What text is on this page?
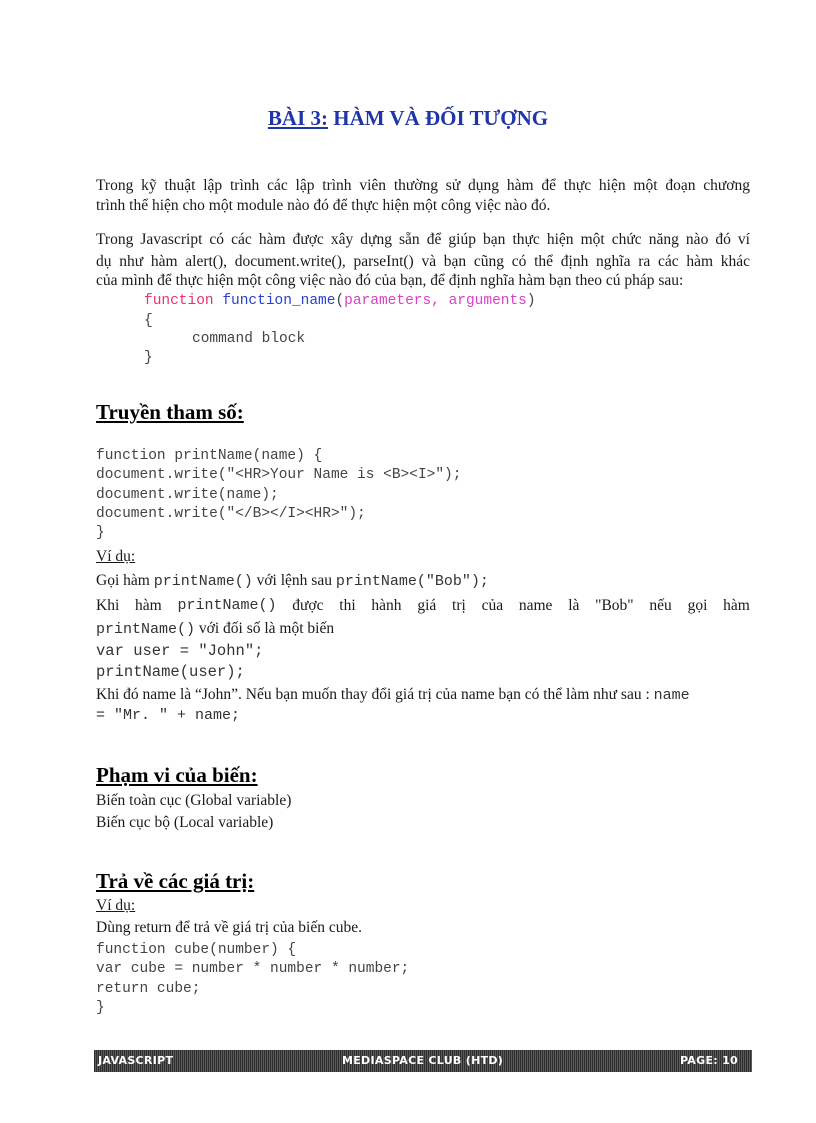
BÀI 3: HÀM VÀ ĐỐI TƯỢNG
Trong kỹ thuật lập trình các lập trình viên thường sử dụng hàm để thực hiện một đoạn chương
trình thể hiện cho một module nào đó để thực hiện một công việc nào đó.
Trong Javascript có các hàm được xây dựng sẵn để giúp bạn thực hiện một chức năng nào đó ví
dụ như hàm alert(), document.write(), parseInt() và bạn cũng có thể định nghĩa ra các hàm khác
của mình để thực hiện một công việc nào đó của bạn, để định nghĩa hàm bạn theo cú pháp sau:
function function_name(parameters, arguments)
{
command block
}
Truyền tham số:
function printName(name) {
document.write("<HR>Your Name is <B><I>");
document.write(name);
document.write("</B></I><HR>");
}
Ví dụ:
Gọi hàm printName() với lệnh sau printName("Bob");
Khi hàm printName() được thi hành giá trị của name là "Bob" nếu gọi hàm
printName() với đối số là một biến
var user = "John";
printName(user);
Khi đó name là “John”. Nếu bạn muốn thay đổi giá trị của name bạn có thể làm như sau : name
= "Mr. " + name;
Phạm vi của biến:
Biến toàn cục (Global variable)
Biến cục bộ (Local variable)
Trả về các giá trị:
Ví dụ:
Dùng return để trả về giá trị của biến cube.
function cube(number) {
var cube = number * number * number;
return cube;
}
JAVASCRIPT	MEDIASPACE CLUB (HTD)	PAGE: 10
